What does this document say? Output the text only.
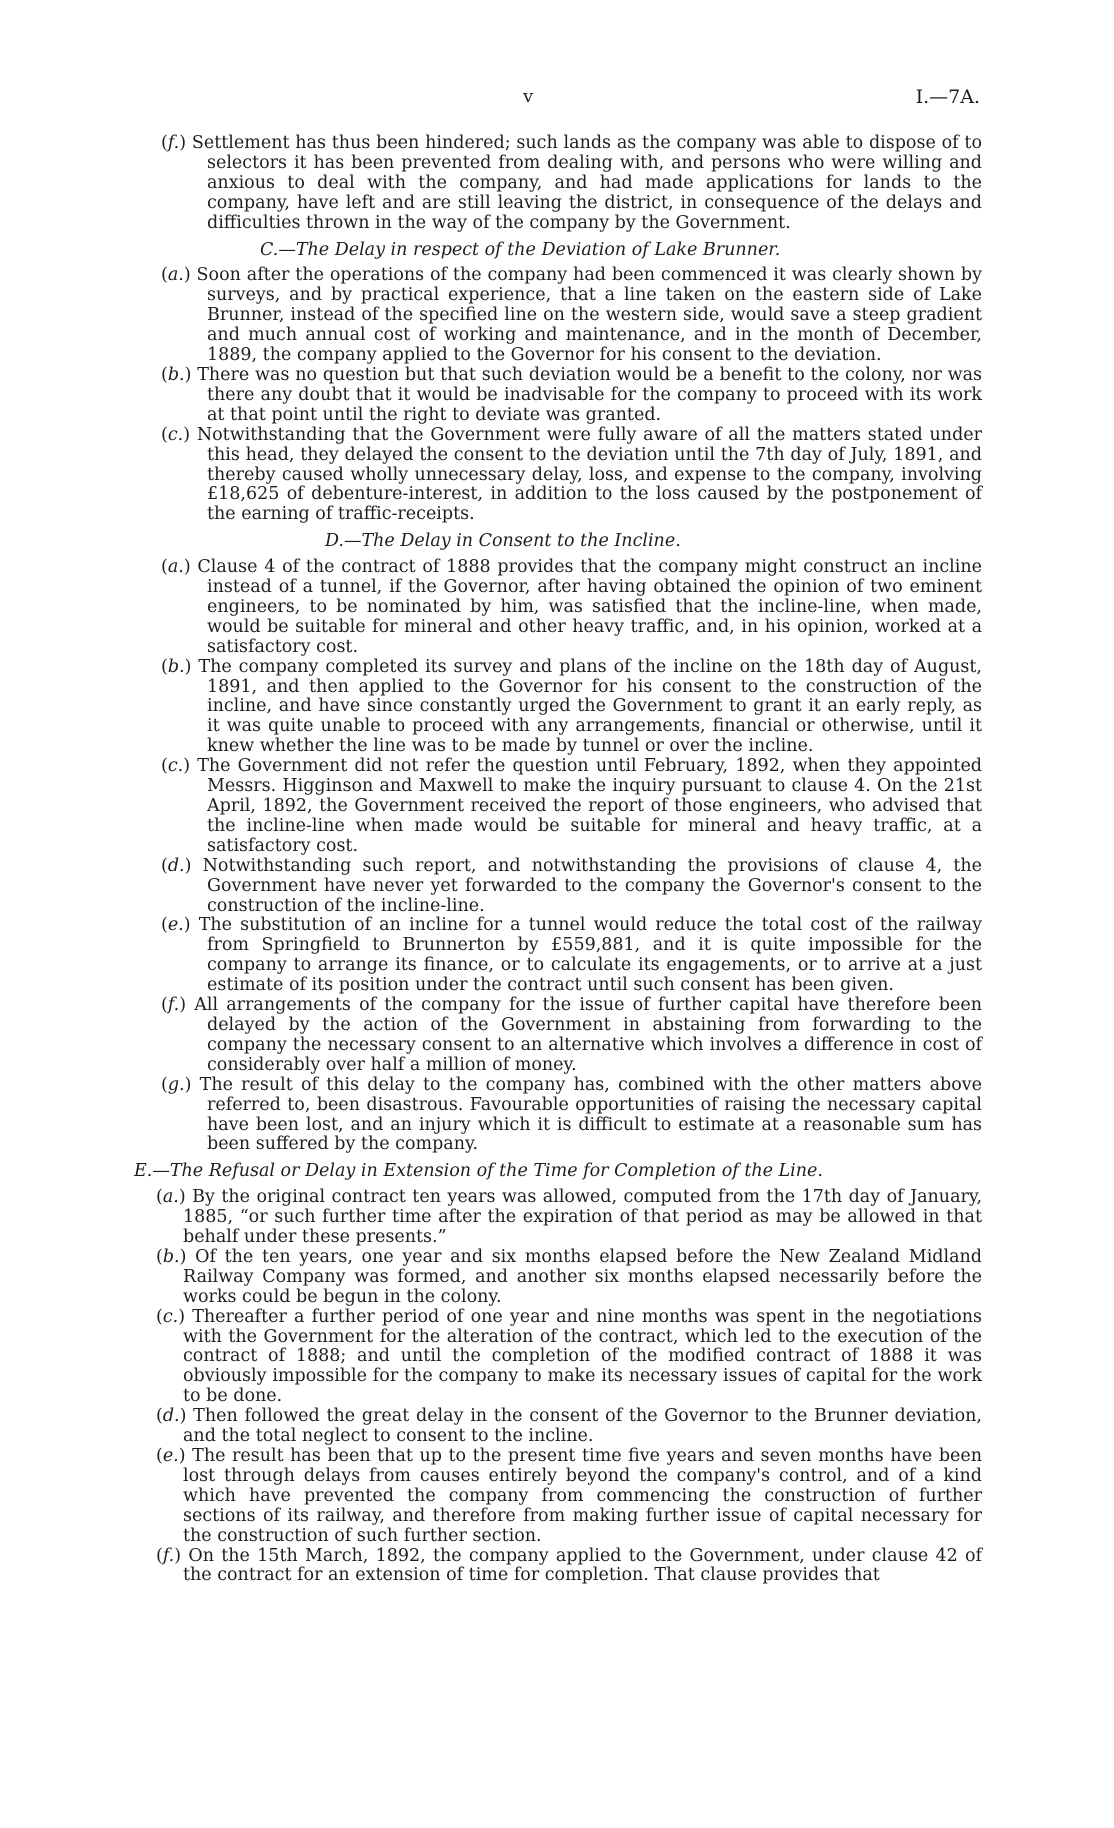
v	I.—7A.

(f.) Settlement has thus been hindered; such lands as the company was able to dispose of to selectors it has been prevented from dealing with, and persons who were willing and anxious to deal with the company, and had made applications for lands to the company, have left and are still leaving the district, in consequence of the delays and difficulties thrown in the way of the company by the Government.

C.—The Delay in respect of the Deviation of Lake Brunner.

(a.) Soon after the operations of the company had been commenced it was clearly shown by surveys, and by practical experience, that a line taken on the eastern side of Lake Brunner, instead of the specified line on the western side, would save a steep gradient and much annual cost of working and maintenance, and in the month of December, 1889, the company applied to the Governor for his consent to the deviation.

(b.) There was no question but that such deviation would be a benefit to the colony, nor was there any doubt that it would be inadvisable for the company to proceed with its work at that point until the right to deviate was granted.

(c.) Notwithstanding that the Government were fully aware of all the matters stated under this head, they delayed the consent to the deviation until the 7th day of July, 1891, and thereby caused wholly unnecessary delay, loss, and expense to the company, involving £18,625 of debenture-interest, in addition to the loss caused by the postponement of the earning of traffic-receipts.

D.—The Delay in Consent to the Incline.

(a.) Clause 4 of the contract of 1888 provides that the company might construct an incline instead of a tunnel, if the Governor, after having obtained the opinion of two eminent engineers, to be nominated by him, was satisfied that the incline-line, when made, would be suitable for mineral and other heavy traffic, and, in his opinion, worked at a satisfactory cost.

(b.) The company completed its survey and plans of the incline on the 18th day of August, 1891, and then applied to the Governor for his consent to the construction of the incline, and have since constantly urged the Government to grant it an early reply, as it was quite unable to proceed with any arrangements, financial or otherwise, until it knew whether the line was to be made by tunnel or over the incline.

(c.) The Government did not refer the question until February, 1892, when they appointed Messrs. Higginson and Maxwell to make the inquiry pursuant to clause 4. On the 21st April, 1892, the Government received the report of those engineers, who advised that the incline-line when made would be suitable for mineral and heavy traffic, at a satisfactory cost.

(d.) Notwithstanding such report, and notwithstanding the provisions of clause 4, the Government have never yet forwarded to the company the Governor's consent to the construction of the incline-line.

(e.) The substitution of an incline for a tunnel would reduce the total cost of the railway from Springfield to Brunnerton by £559,881, and it is quite impossible for the company to arrange its finance, or to calculate its engagements, or to arrive at a just estimate of its position under the contract until such consent has been given.

(f.) All arrangements of the company for the issue of further capital have therefore been delayed by the action of the Government in abstaining from forwarding to the company the necessary consent to an alternative which involves a difference in cost of considerably over half a million of money.

(g.) The result of this delay to the company has, combined with the other matters above referred to, been disastrous. Favourable opportunities of raising the necessary capital have been lost, and an injury which it is difficult to estimate at a reasonable sum has been suffered by the company.

E.—The Refusal or Delay in Extension of the Time for Completion of the Line.

(a.) By the original contract ten years was allowed, computed from the 17th day of January, 1885, “or such further time after the expiration of that period as may be allowed in that behalf under these presents.”

(b.) Of the ten years, one year and six months elapsed before the New Zealand Midland Railway Company was formed, and another six months elapsed necessarily before the works could be begun in the colony.

(c.) Thereafter a further period of one year and nine months was spent in the negotiations with the Government for the alteration of the contract, which led to the execution of the contract of 1888; and until the completion of the modified contract of 1888 it was obviously impossible for the company to make its necessary issues of capital for the work to be done.

(d.) Then followed the great delay in the consent of the Governor to the Brunner deviation, and the total neglect to consent to the incline.

(e.) The result has been that up to the present time five years and seven months have been lost through delays from causes entirely beyond the company's control, and of a kind which have prevented the company from commencing the construction of further sections of its railway, and therefore from making further issue of capital necessary for the construction of such further section.

(f.) On the 15th March, 1892, the company applied to the Government, under clause 42 of the contract for an extension of time for completion. That clause provides that
